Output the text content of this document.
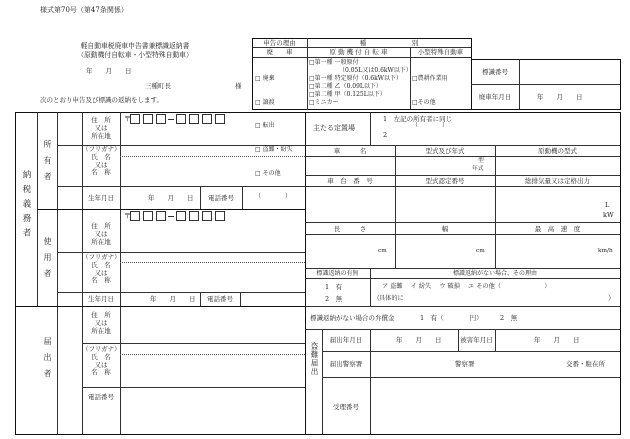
様式第70号（第47条関係）
軽自動車税廃車申告書兼標識返納書
（原動機付自転車・小型特殊自動車）
年　　月　　日
三種町長	様
次のとおり申告及び標識の返納をします。
申告の理由
廃　　車

□ 廃棄

□ 譲渡

□ 転出

□ 盗難・紛失

□ その他

（　　　　）

種　　　　　　　別
原 動 機 付 自 転 車	小型特殊自動車
□第一種 一般原付
（0.05L又は0.6kW以下）
□第一種 特定原付（0.6kW以下）
□第二種 乙（0.09L以下）
□第二種 甲（0.125L以下）
□ミニカー

□農耕作業用

□その他

（　　　　）

標識番号
廃車年月日	年　　月　　日
納税義務者
所有者
使用者
届出者
住　所
又は
所在地
〒
（フリガナ）
氏　名
又は
名　称
生年月日	年　　月　　日	電話番号
住　所
又は
所在地
〒
（フリガナ）
氏　名
又は
名　称
生年月日	年　　月　　日	電話番号
住　所
又は
所在地
（フリガナ）
氏　名
又は
名　称
電話番号
主たる定置場
1　左記の所有者に同じ
2
車　　　名	型式及び年式	原動機の型式
型
年式
車　台　番　号	型式認定番号	総排気量又は定格出力
L
kW
長　　　さ	幅	最　高　速　度
cm	cm	km/h
標識返納の有無	標識返納がない場合、その理由
1　有
2　無
ア 盗難　 イ 紛失　 ウ 破損　 エ その他（　　　　　　　）
（ 具体的に	）
標識返納がない場合の弁償金	1　有（　　　　円）	2　無
盗難届出
届出年月日	年　　月　　日	被害年月日	年　　月　　日
届出警察署	警察署	交番・駐在所
受理番号
